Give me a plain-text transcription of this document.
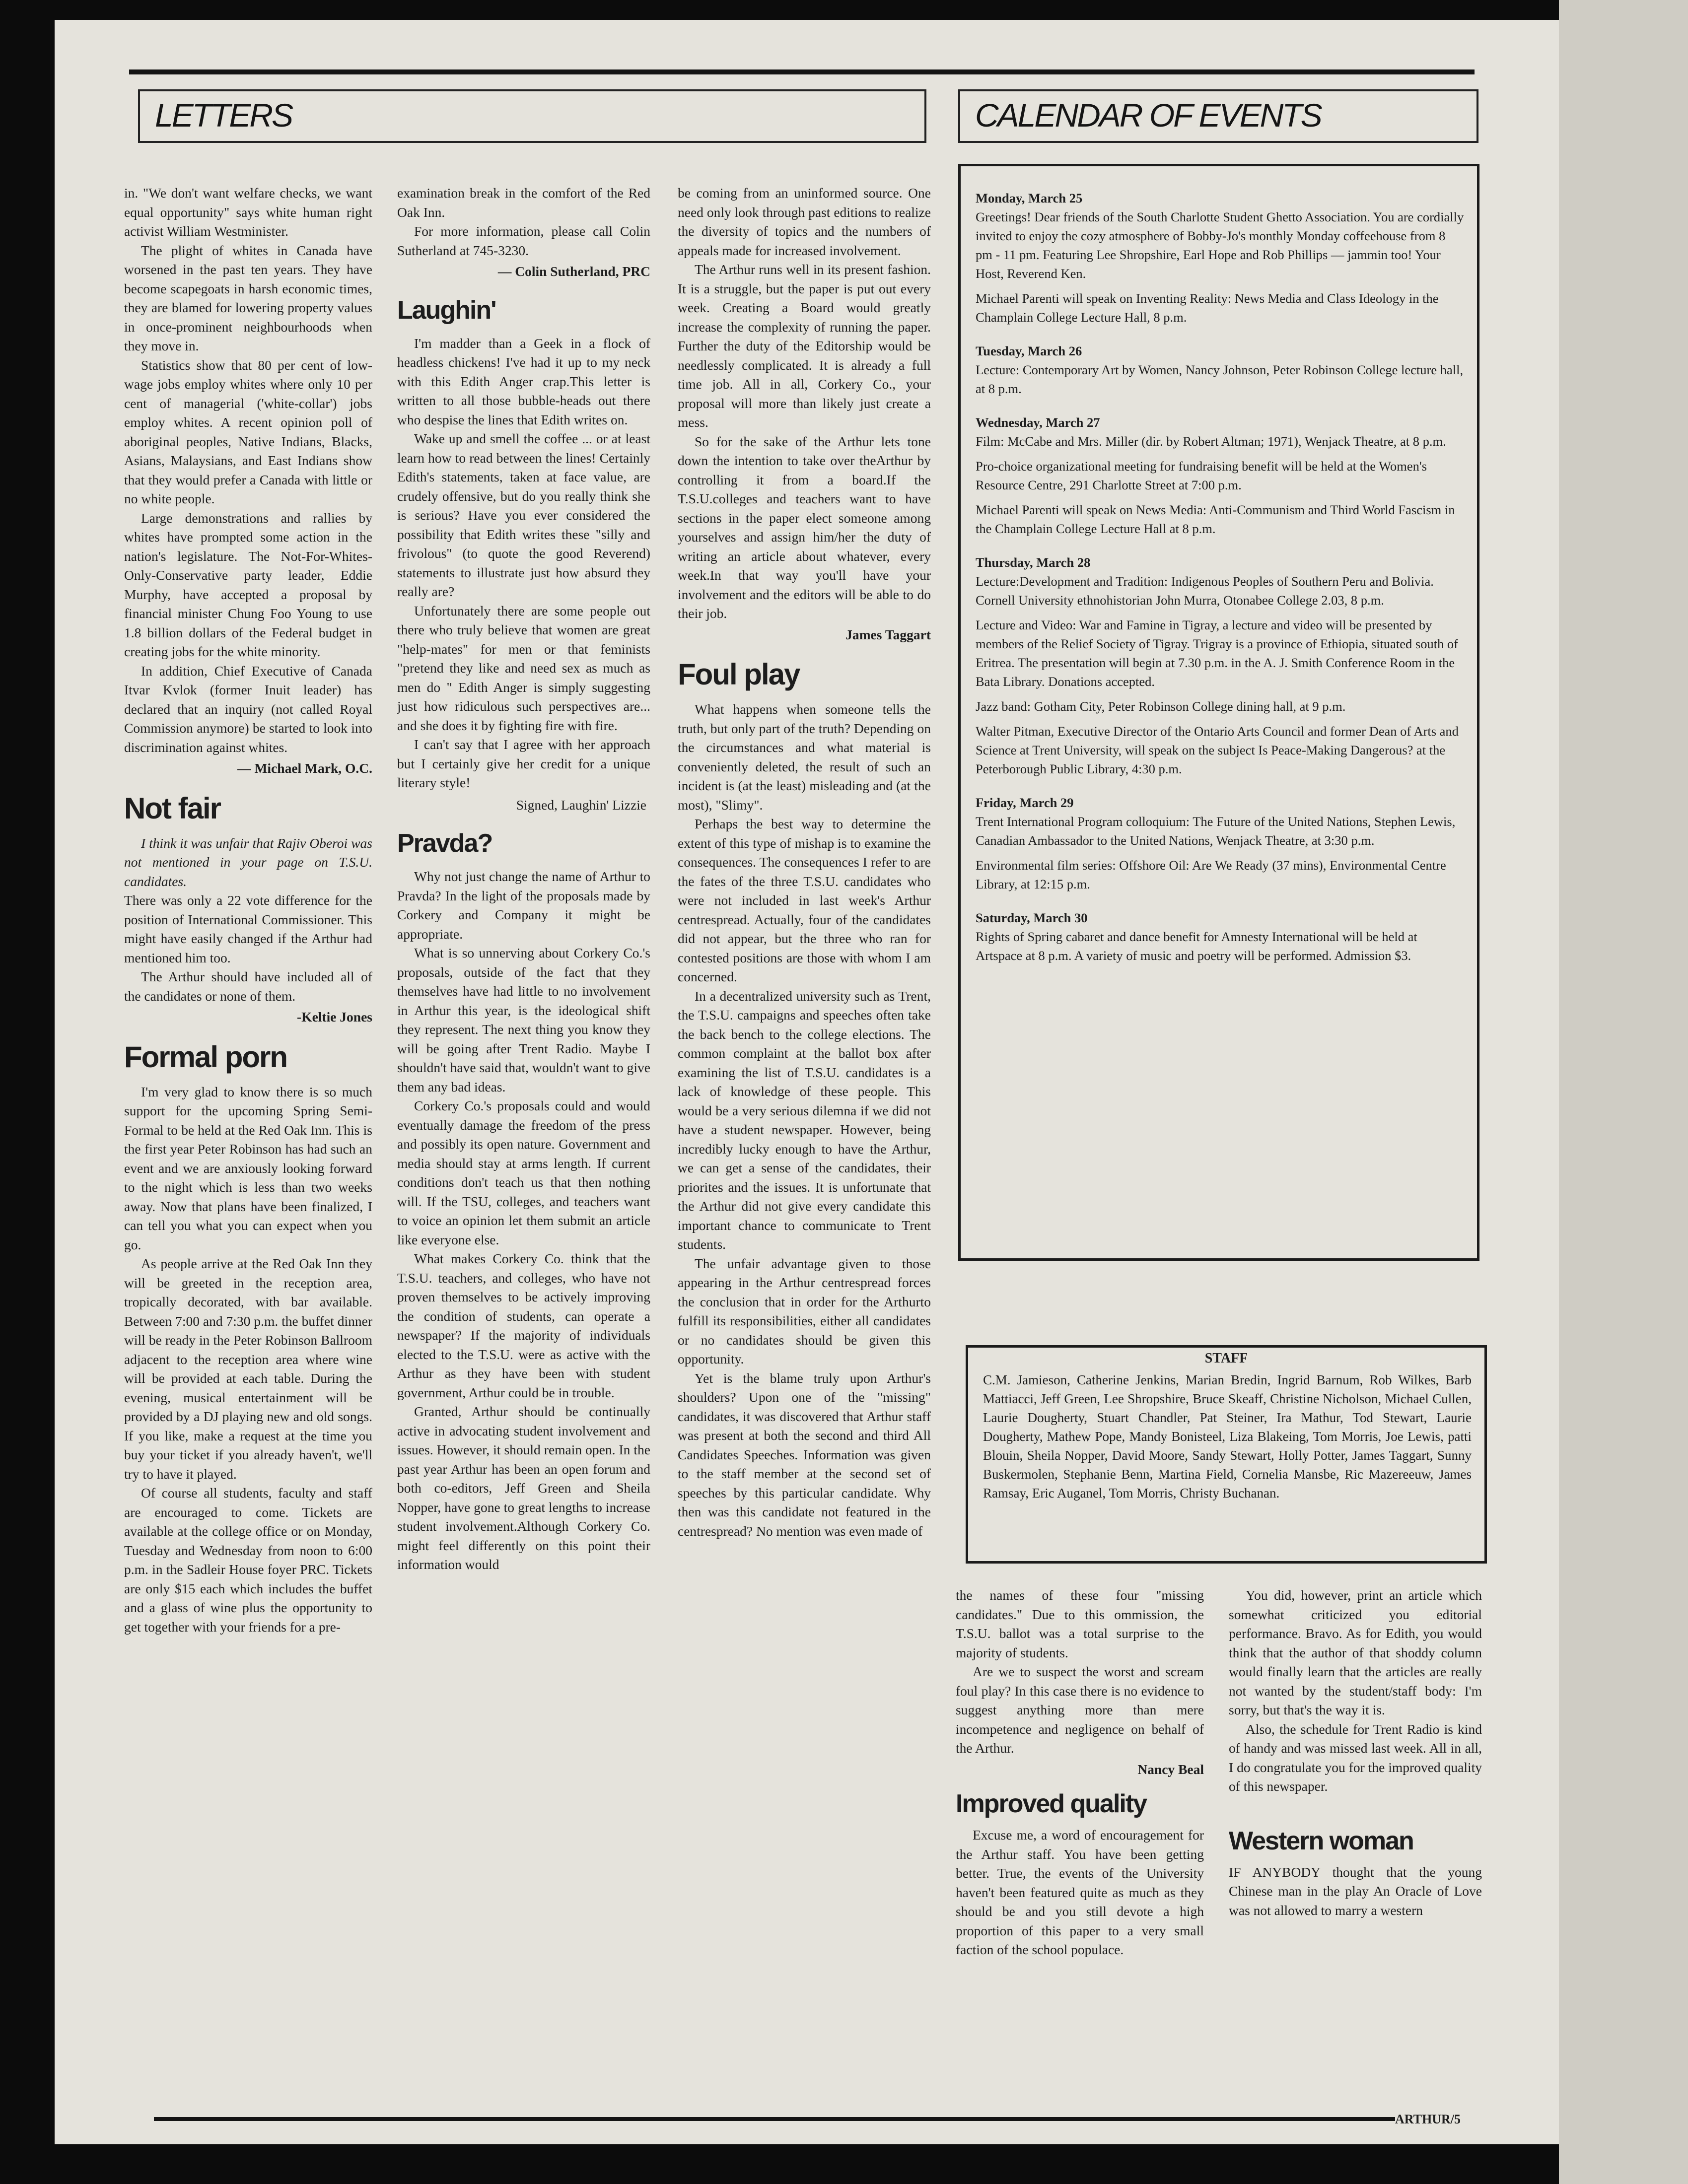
LETTERS	CALENDAR OF EVENTS

in. "We don't want welfare checks, we want equal opportunity" says white human right activist William Westminister.

The plight of whites in Canada have worsened in the past ten years. They have become scapegoats in harsh economic times, they are blamed for lowering property values in once-prominent neighbourhoods when they move in.

Statistics show that 80 per cent of low-wage jobs employ whites where only 10 per cent of managerial ('white-collar') jobs employ whites. A recent opinion poll of aboriginal peoples, Native Indians, Blacks, Asians, Malaysians, and East Indians show that they would prefer a Canada with little or no white people.

Large demonstrations and rallies by whites have prompted some action in the nation's legislature. The Not-For-Whites-Only-Conservative party leader, Eddie Murphy, have accepted a proposal by financial minister Chung Foo Young to use 1.8 billion dollars of the Federal budget in creating jobs for the white minority.

In addition, Chief Executive of Canada Itvar Kvlok (former Inuit leader) has declared that an inquiry (not called Royal Commission anymore) be started to look into discrimination against whites.

— Michael Mark, O.C.

Not fair

I think it was unfair that Rajiv Oberoi was not mentioned in your page on T.S.U. candidates.

There was only a 22 vote difference for the position of International Commissioner. This might have easily changed if the Arthur had mentioned him too.

The Arthur should have included all of the candidates or none of them.

-Keltie Jones

Formal porn

I'm very glad to know there is so much support for the upcoming Spring Semi-Formal to be held at the Red Oak Inn. This is the first year Peter Robinson has had such an event and we are anxiously looking forward to the night which is less than two weeks away. Now that plans have been finalized, I can tell you what you can expect when you go.

As people arrive at the Red Oak Inn they will be greeted in the reception area, tropically decorated, with bar available. Between 7:00 and 7:30 p.m. the buffet dinner will be ready in the Peter Robinson Ballroom adjacent to the reception area where wine will be provided at each table. During the evening, musical entertainment will be provided by a DJ playing new and old songs. If you like, make a request at the time you buy your ticket if you already haven't, we'll try to have it played.

Of course all students, faculty and staff are encouraged to come. Tickets are available at the college office or on Monday, Tuesday and Wednesday from noon to 6:00 p.m. in the Sadleir House foyer PRC. Tickets are only $15 each which includes the buffet and a glass of wine plus the opportunity to get together with your friends for a pre-

examination break in the comfort of the Red Oak Inn.

For more information, please call Colin Sutherland at 745-3230.

— Colin Sutherland, PRC

Laughin'

I'm madder than a Geek in a flock of headless chickens! I've had it up to my neck with this Edith Anger crap.This letter is written to all those bubble-heads out there who despise the lines that Edith writes on.

Wake up and smell the coffee ... or at least learn how to read between the lines! Certainly Edith's statements, taken at face value, are crudely offensive, but do you really think she is serious? Have you ever considered the possibility that Edith writes these "silly and frivolous" (to quote the good Reverend) statements to illustrate just how absurd they really are?

Unfortunately there are some people out there who truly believe that women are great "help-mates" for men or that feminists "pretend they like and need sex as much as men do " Edith Anger is simply suggesting just how ridiculous such perspectives are... and she does it by fighting fire with fire.

I can't say that I agree with her approach but I certainly give her credit for a unique literary style!

Signed, Laughin' Lizzie

Pravda?

Why not just change the name of Arthur to Pravda? In the light of the proposals made by Corkery and Company it might be appropriate.

What is so unnerving about Corkery Co.'s proposals, outside of the fact that they themselves have had little to no involvement in Arthur this year, is the ideological shift they represent. The next thing you know they will be going after Trent Radio. Maybe I shouldn't have said that, wouldn't want to give them any bad ideas.

Corkery Co.'s proposals could and would eventually damage the freedom of the press and possibly its open nature. Government and media should stay at arms length. If current conditions don't teach us that then nothing will. If the TSU, colleges, and teachers want to voice an opinion let them submit an article like everyone else.

What makes Corkery Co. think that the T.S.U. teachers, and colleges, who have not proven themselves to be actively improving the condition of students, can operate a newspaper? If the majority of individuals elected to the T.S.U. were as active with the Arthur as they have been with student government, Arthur could be in trouble.

Granted, Arthur should be continually active in advocating student involvement and issues. However, it should remain open. In the past year Arthur has been an open forum and both co-editors, Jeff Green and Sheila Nopper, have gone to great lengths to increase student involvement.Although Corkery Co. might feel differently on this point their information would

be coming from an uninformed source. One need only look through past editions to realize the diversity of topics and the numbers of appeals made for increased involvement.

The Arthur runs well in its present fashion. It is a struggle, but the paper is put out every week. Creating a Board would greatly increase the complexity of running the paper. Further the duty of the Editorship would be needlessly complicated. It is already a full time job. All in all, Corkery Co., your proposal will more than likely just create a mess.

So for the sake of the Arthur lets tone down the intention to take over theArthur by controlling it from a board.If the T.S.U.colleges and teachers want to have sections in the paper elect someone among yourselves and assign him/her the duty of writing an article about whatever, every week.In that way you'll have your involvement and the editors will be able to do their job.

James Taggart

Foul play

What happens when someone tells the truth, but only part of the truth? Depending on the circumstances and what material is conveniently deleted, the result of such an incident is (at the least) misleading and (at the most), "Slimy".

Perhaps the best way to determine the extent of this type of mishap is to examine the consequences. The consequences I refer to are the fates of the three T.S.U. candidates who were not included in last week's Arthur centrespread. Actually, four of the candidates did not appear, but the three who ran for contested positions are those with whom I am concerned.

In a decentralized university such as Trent, the T.S.U. campaigns and speeches often take the back bench to the college elections. The common complaint at the ballot box after examining the list of T.S.U. candidates is a lack of knowledge of these people. This would be a very serious dilemna if we did not have a student newspaper. However, being incredibly lucky enough to have the Arthur, we can get a sense of the candidates, their priorites and the issues. It is unfortunate that the Arthur did not give every candidate this important chance to communicate to Trent students.

The unfair advantage given to those appearing in the Arthur centrespread forces the conclusion that in order for the Arthurto fulfill its responsibilities, either all candidates or no candidates should be given this opportunity.

Yet is the blame truly upon Arthur's shoulders? Upon one of the "missing" candidates, it was discovered that Arthur staff was present at both the second and third All Candidates Speeches. Information was given to the staff member at the second set of speeches by this particular candidate. Why then was this candidate not featured in the centrespread? No mention was even made of

Monday, March 25
Greetings! Dear friends of the South Charlotte Student Ghetto Association. You are cordially invited to enjoy the cozy atmosphere of Bobby-Jo's monthly Monday coffeehouse from 8 pm - 11 pm. Featuring Lee Shropshire, Earl Hope and Rob Phillips — jammin too! Your Host, Reverend Ken.
Michael Parenti will speak on Inventing Reality: News Media and Class Ideology in the Champlain College Lecture Hall, 8 p.m.
Tuesday, March 26
Lecture: Contemporary Art by Women, Nancy Johnson, Peter Robinson College lecture hall, at 8 p.m.
Wednesday, March 27
Film: McCabe and Mrs. Miller (dir. by Robert Altman; 1971), Wenjack Theatre, at 8 p.m.
Pro-choice organizational meeting for fundraising benefit will be held at the Women's Resource Centre, 291 Charlotte Street at 7:00 p.m.
Michael Parenti will speak on News Media: Anti-Communism and Third World Fascism in the Champlain College Lecture Hall at 8 p.m.
Thursday, March 28
Lecture:Development and Tradition: Indigenous Peoples of Southern Peru and Bolivia. Cornell University ethnohistorian John Murra, Otonabee College 2.03, 8 p.m.
Lecture and Video: War and Famine in Tigray, a lecture and video will be presented by members of the Relief Society of Tigray. Trigray is a province of Ethiopia, situated south of Eritrea. The presentation will begin at 7.30 p.m. in the A. J. Smith Conference Room in the Bata Library. Donations accepted.
Jazz band: Gotham City, Peter Robinson College dining hall, at 9 p.m.
Walter Pitman, Executive Director of the Ontario Arts Council and former Dean of Arts and Science at Trent University, will speak on the subject Is Peace-Making Dangerous? at the Peterborough Public Library, 4:30 p.m.
Friday, March 29
Trent International Program colloquium: The Future of the United Nations, Stephen Lewis, Canadian Ambassador to the United Nations, Wenjack Theatre, at 3:30 p.m.
Environmental film series: Offshore Oil: Are We Ready (37 mins), Environmental Centre Library, at 12:15 p.m.
Saturday, March 30
Rights of Spring cabaret and dance benefit for Amnesty International will be held at Artspace at 8 p.m. A variety of music and poetry will be performed. Admission $3.
STAFF
C.M. Jamieson, Catherine Jenkins, Marian Bredin, Ingrid Barnum, Rob Wilkes, Barb Mattiacci, Jeff Green, Lee Shropshire, Bruce Skeaff, Christine Nicholson, Michael Cullen, Laurie Dougherty, Stuart Chandler, Pat Steiner, Ira Mathur, Tod Stewart, Laurie Dougherty, Mathew Pope, Mandy Bonisteel, Liza Blakeing, Tom Morris, Joe Lewis, patti Blouin, Sheila Nopper, David Moore, Sandy Stewart, Holly Potter, James Taggart, Sunny Buskermolen, Stephanie Benn, Martina Field, Cornelia Mansbe, Ric Mazereeuw, James Ramsay, Eric Auganel, Tom Morris, Christy Buchanan.

the names of these four "missing candidates." Due to this ommission, the T.S.U. ballot was a total surprise to the majority of students.

Are we to suspect the worst and scream foul play? In this case there is no evidence to suggest anything more than mere incompetence and negligence on behalf of the Arthur.

Nancy Beal

Improved quality

Excuse me, a word of encouragement for the Arthur staff. You have been getting better. True, the events of the University haven't been featured quite as much as they should be and you still devote a high proportion of this paper to a very small faction of the school populace.

You did, however, print an article which somewhat criticized you editorial performance. Bravo. As for Edith, you would think that the author of that shoddy column would finally learn that the articles are really not wanted by the student/staff body: I'm sorry, but that's the way it is.

Also, the schedule for Trent Radio is kind of handy and was missed last week. All in all, I do congratulate you for the improved quality of this newspaper.

Western woman

IF ANYBODY thought that the young Chinese man in the play An Oracle of Love was not allowed to marry a western

ARTHUR/5
